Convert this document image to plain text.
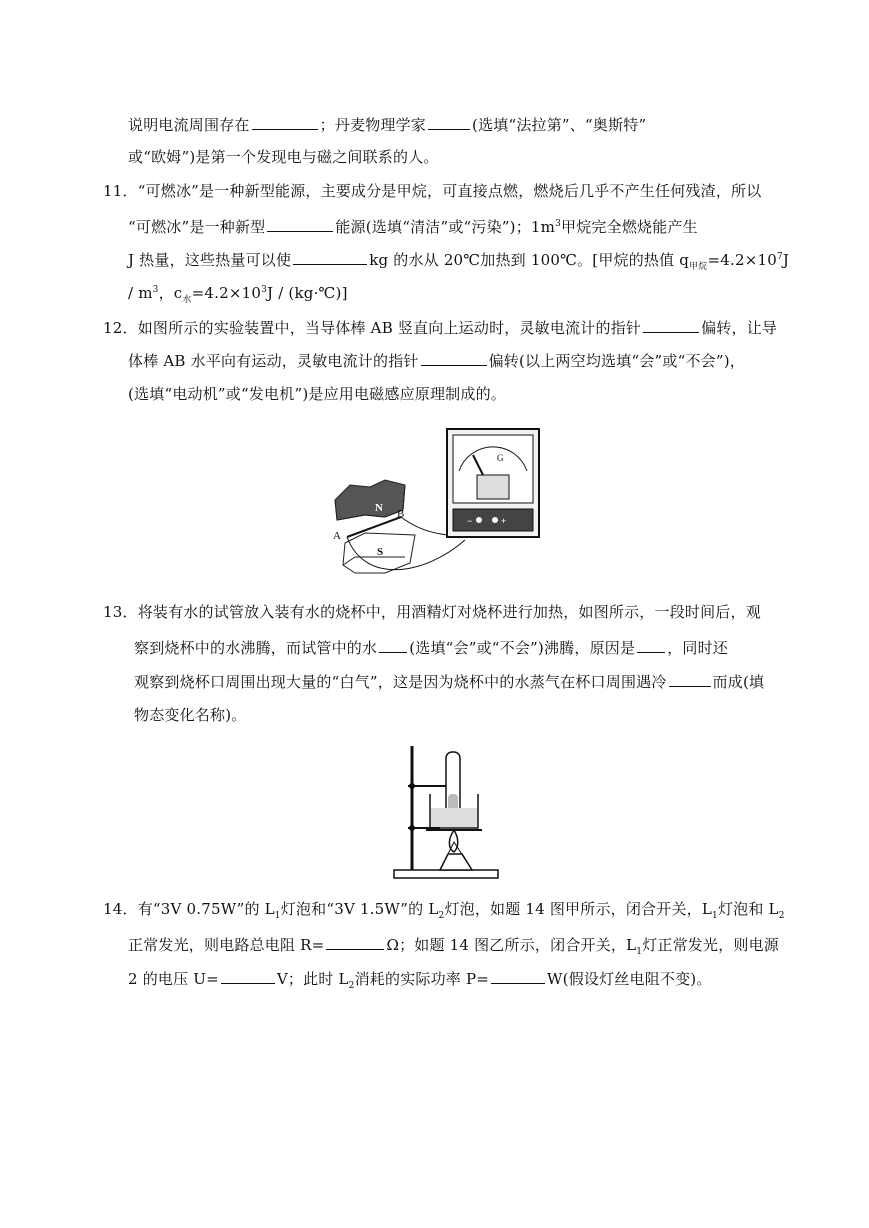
说明电流周围存在	；丹麦物理学家	(选填“法拉第”、“奥斯特”
或“欧姆”)是第一个发现电与磁之间联系的人。
11．“可燃冰”是一种新型能源，主要成分是甲烷，可直接点燃，燃烧后几乎不产生任何残渣，所以
“可燃冰”是一种新型	能源(选填“清洁”或“污染”)；$1m^3$甲烷完全燃烧能产生
J 热量，这些热量可以使	kg 的水从 20℃加热到 100℃。[甲烷的热值 $q_{甲烷}=4.2\times 10^7J$
/ $m^3$，$c_水=4.2\times 10^3J$ / (kg·℃)]
12．如图所示的实验装置中，当导体棒 AB 竖直向上运动时，灵敏电流计的指针	偏转，让导
体棒 AB 水平向有运动，灵敏电流计的指针	偏转(以上两空均选填“会”或“不会”)，
(选填“电动机”或“发电机”)是应用电磁感应原理制成的。
N
S
A
B
G
−	+
13．将装有水的试管放入装有水的烧杯中，用酒精灯对烧杯进行加热，如图所示，一段时间后，观
察到烧杯中的水沸腾，而试管中的水 (选填“会”或“不会”)沸腾，原因是 ，同时还
观察到烧杯口周围出现大量的“白气”，这是因为烧杯中的水蒸气在杯口周围遇冷	而成(填
物态变化名称)。
14．有“3V 0.75W”的 $L_1$灯泡和“3V 1.5W”的 $L_2$灯泡，如题 14 图甲所示，闭合开关，$L_1$灯泡和 $L_2$
正常发光，则电路总电阻 R=	Ω；如题 14 图乙所示，闭合开关，$L_1$灯正常发光，则电源
2 的电压 U=	V；此时 $L_2$消耗的实际功率 P=	W(假设灯丝电阻不变)。
